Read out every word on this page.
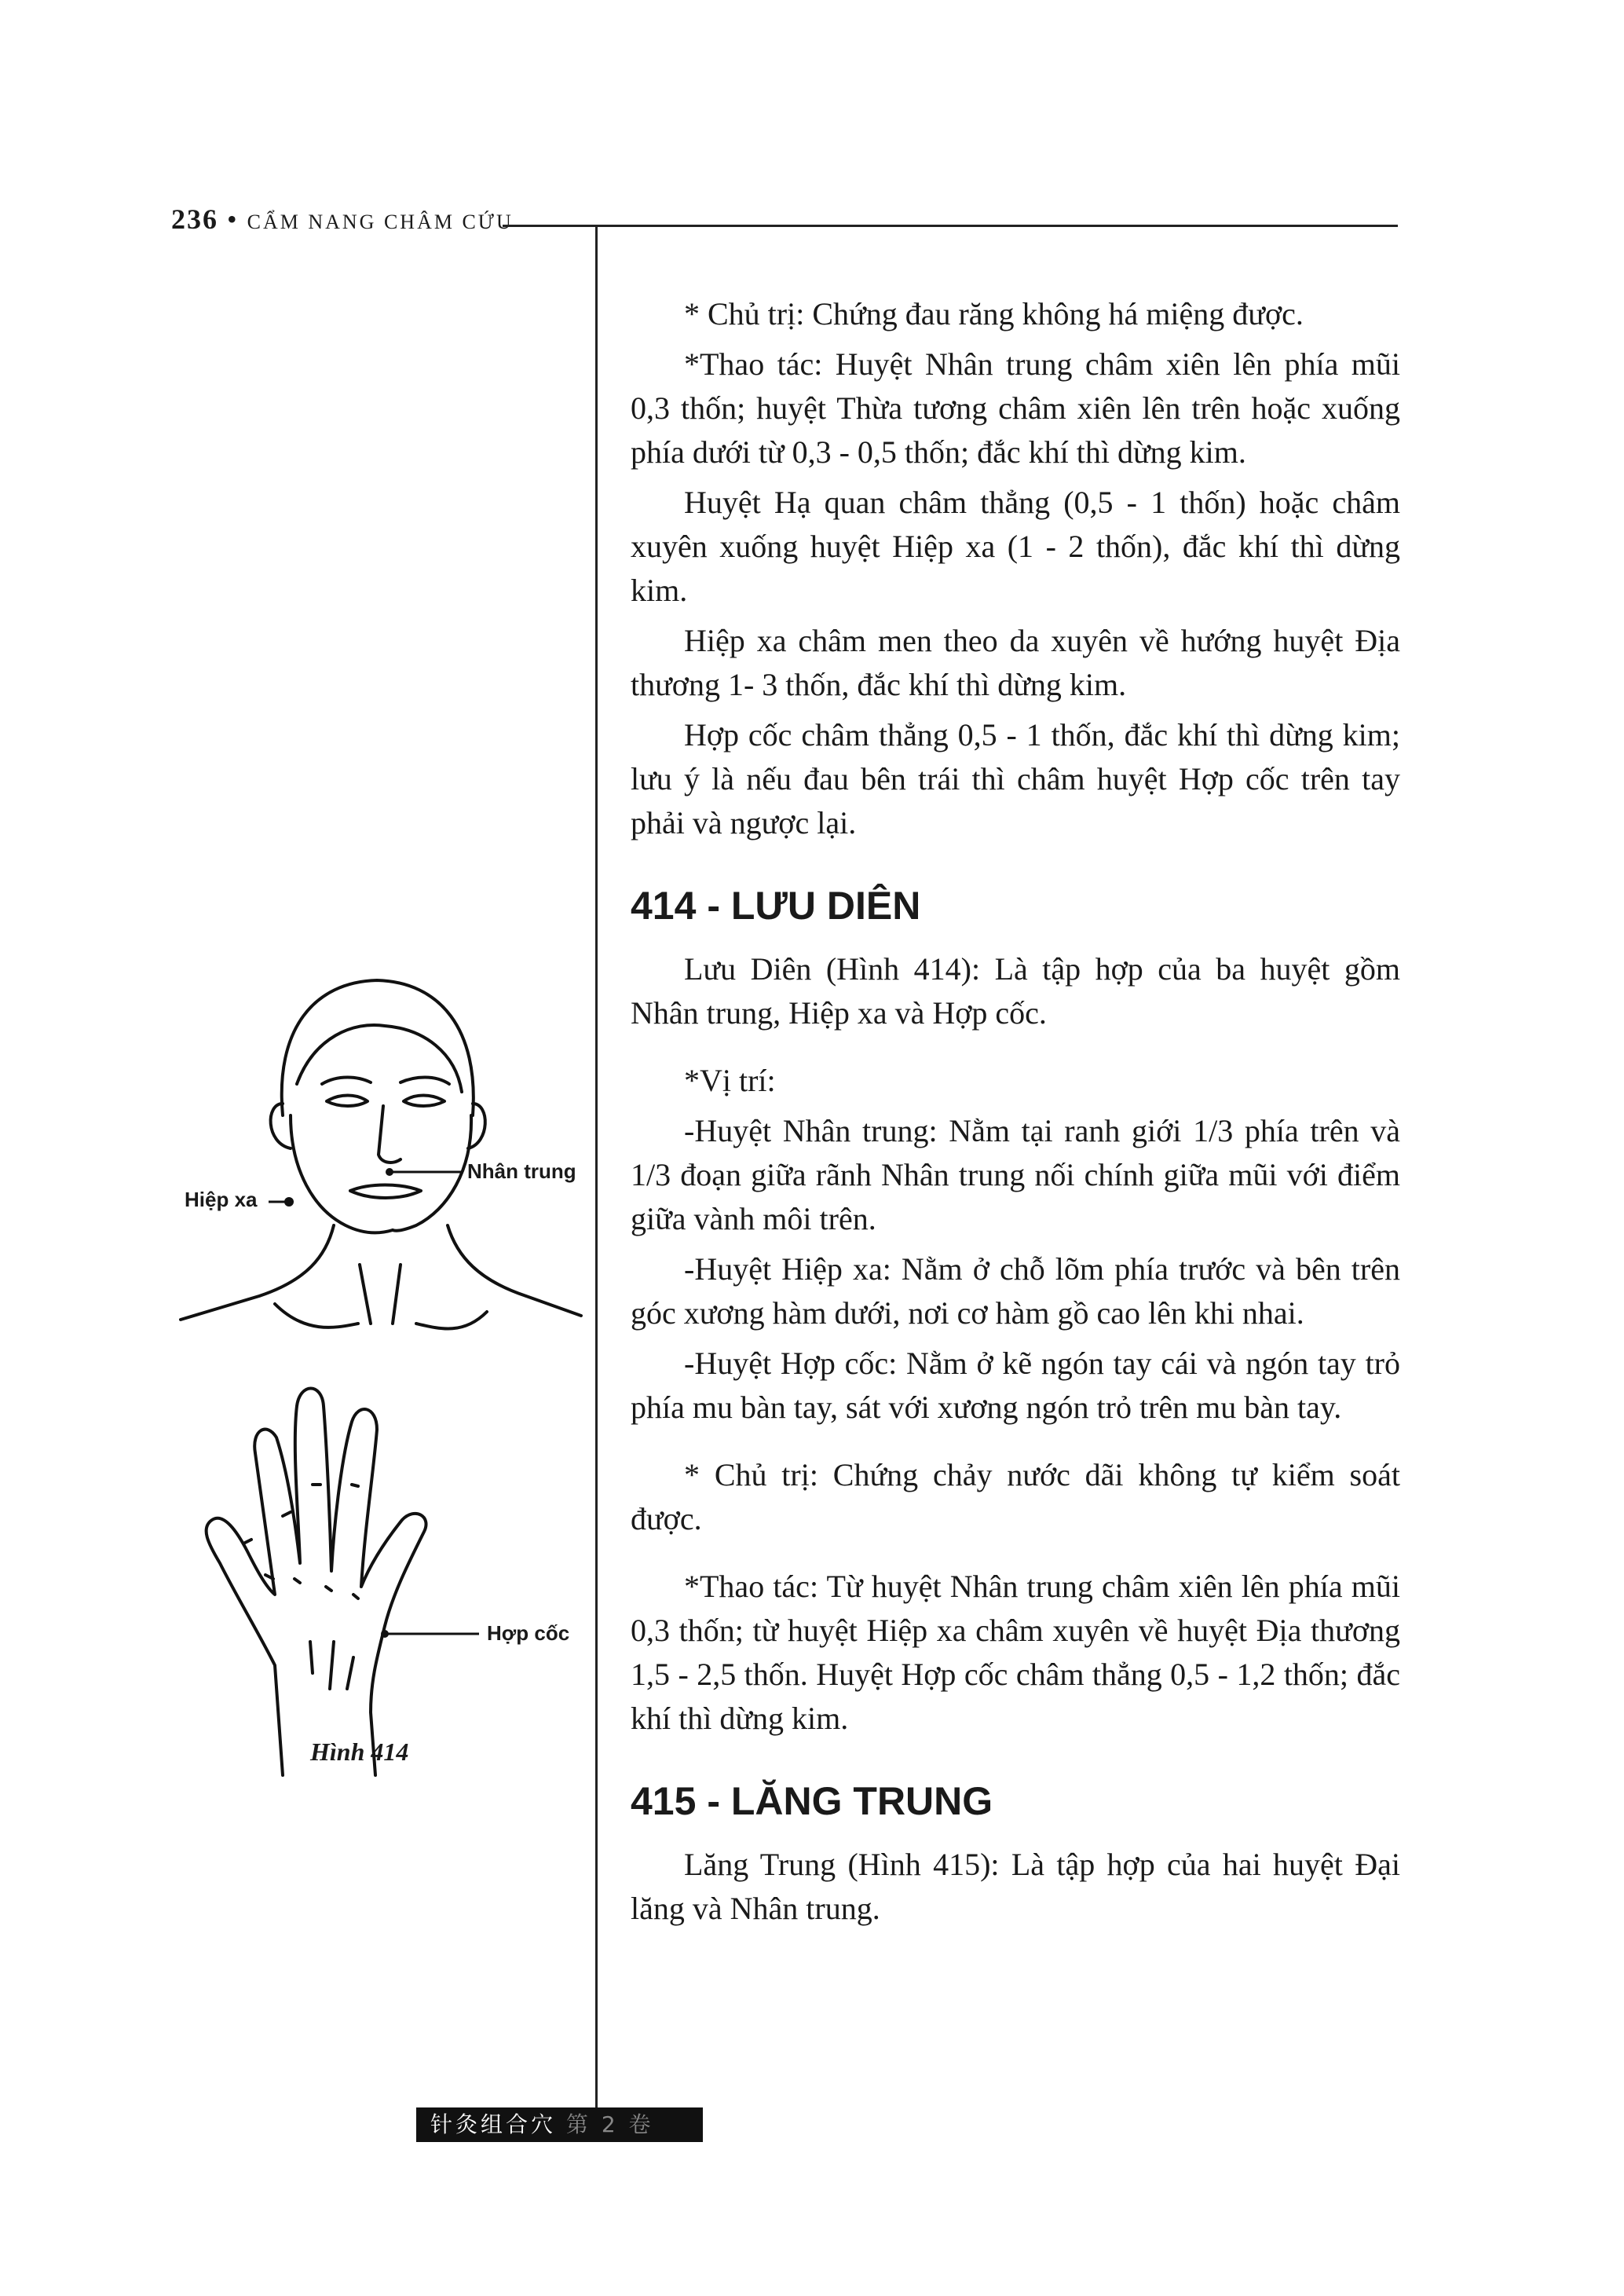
236 • CẨM NANG CHÂM CỨU

* Chủ trị: Chứng đau răng không há miệng được.

*Thao tác: Huyệt Nhân trung châm xiên lên phía mũi 0,3 thốn; huyệt Thừa tương châm xiên lên trên hoặc xuống phía dưới từ 0,3 - 0,5 thốn; đắc khí thì dừng kim.

Huyệt Hạ quan châm thẳng (0,5 - 1 thốn) hoặc châm xuyên xuống huyệt Hiệp xa (1 - 2 thốn), đắc khí thì dừng kim.

Hiệp xa châm men theo da xuyên về hướng huyệt Địa thương 1- 3 thốn, đắc khí thì dừng kim.

Hợp cốc châm thẳng 0,5 - 1 thốn, đắc khí thì dừng kim; lưu ý là nếu đau bên trái thì châm huyệt Hợp cốc trên tay phải và ngược lại.

414 - LƯU DIÊN

Lưu Diên (Hình 414): Là tập hợp của ba huyệt gồm Nhân trung, Hiệp xa và Hợp cốc.

*Vị trí:

-Huyệt Nhân trung: Nằm tại ranh giới 1/3 phía trên và 1/3 đoạn giữa rãnh Nhân trung nối chính giữa mũi với điểm giữa vành môi trên.

-Huyệt Hiệp xa: Nằm ở chỗ lõm phía trước và bên trên góc xương hàm dưới, nơi cơ hàm gồ cao lên khi nhai.

-Huyệt Hợp cốc: Nằm ở kẽ ngón tay cái và ngón tay trỏ phía mu bàn tay, sát với xương ngón trỏ trên mu bàn tay.

* Chủ trị: Chứng chảy nước dãi không tự kiểm soát được.

*Thao tác: Từ huyệt Nhân trung châm xiên lên phía mũi 0,3 thốn; từ huyệt Hiệp xa châm xuyên về huyệt Địa thương 1,5 - 2,5 thốn. Huyệt Hợp cốc châm thẳng 0,5 - 1,2 thốn; đắc khí thì dừng kim.

415 - LĂNG TRUNG

Lăng Trung (Hình 415): Là tập hợp của hai huyệt Đại lăng và Nhân trung.

Hiệp xa
Nhân trung
Hợp cốc
Hình 414
针灸组合穴 第 2 卷
